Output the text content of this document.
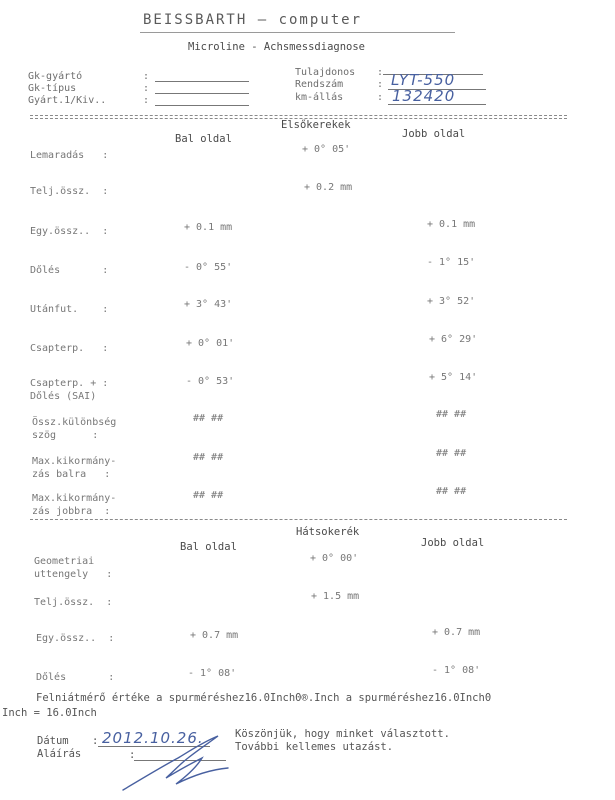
BEISSBARTH — computer
Microline - Achsmessdiagnose
Gk-gyártó	:
Gk-típus	:
Gyárt.1/Kiv..	:
Tulajdonos :
Rendszám	: LYT-550
km-állás	: 132420
Elsőkerekek
Bal oldal	Jobb oldal
Lemaradás   :
+ 0° 05'
Telj.össz.  :	+ 0.2 mm
Egy.össz..  :	+ 0.1 mm	+ 0.1 mm
Dőlés       :	- 0° 55'	- 1° 15'
Utánfut.    :	+ 3° 43'	+ 3° 52'
Csapterp.   :	+ 0° 01'	+ 6° 29'
Csapterp. + :
Dőlés (SAI)
- 0° 53'	+ 5° 14'
Össz.különbség
szög      :
## ##	## ##
Max.kikormány-
zás balra   :
## ##	## ##
Max.kikormány-
zás jobbra  :
## ##	## ##
Hátsokerék
Bal oldal	Jobb oldal
Geometriai
uttengely   :
+ 0° 00'
Telj.össz.  :
+ 1.5 mm
Egy.össz..  :	+ 0.7 mm	+ 0.7 mm
Dőlés       :	- 1° 08'	- 1° 08'
Felniátmérő értéke a spurméréshez16.0Inch0®.Inch a spurméréshez16.0Inch0
Inch = 16.0Inch
Dátum : 2012.10.26.
Aláírás	:
Köszönjük, hogy minket választott.
További kellemes utazást.
